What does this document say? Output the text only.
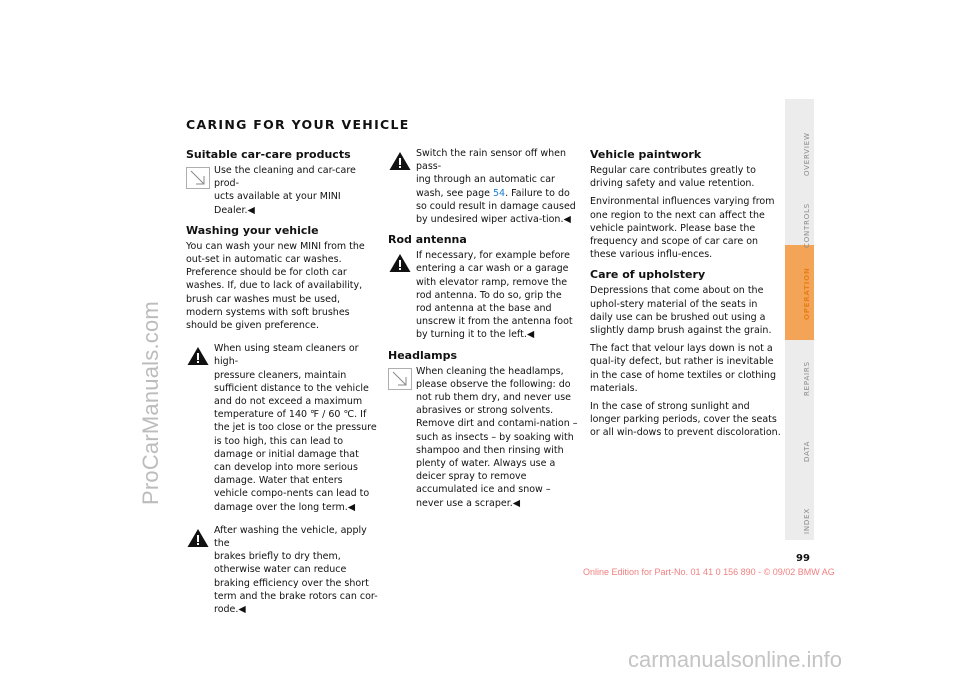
ProCarManuals.com
CARING FOR YOUR VEHICLE
Suitable car-care products
Use the cleaning and car-care prod-
ucts available at your MINI Dealer.◀
Washing your vehicle

You can wash your new MINI from the out-set in automatic car washes. Preference should be for cloth car washes. If, due to lack of availability, brush car washes must be used, modern systems with soft brushes should be given preference.

When using steam cleaners or high-
pressure cleaners, maintain sufficient distance to the vehicle and do not exceed a maximum temperature of 140 ℉ / 60 ℃. If the jet is too close or the pressure is too high, this can lead to damage or initial damage that can develop into more serious damage. Water that enters vehicle compo-nents can lead to damage over the long term.◀
After washing the vehicle, apply the
brakes briefly to dry them, otherwise water can reduce braking efficiency over the short term and the brake rotors can cor-rode.◀
Switch the rain sensor off when pass-
ing through an automatic car wash, see page 54. Failure to do so could result in damage caused by undesired wiper activa-tion.◀
Rod antenna
If necessary, for example before
entering a car wash or a garage with elevator ramp, remove the rod antenna. To do so, grip the rod antenna at the base and unscrew it from the antenna foot by turning it to the left.◀
Headlamps
When cleaning the headlamps,
please observe the following: do not rub them dry, and never use abrasives or strong solvents. Remove dirt and contami-nation – such as insects – by soaking with shampoo and then rinsing with plenty of water. Always use a deicer spray to remove accumulated ice and snow – never use a scraper.◀
Vehicle paintwork

Regular care contributes greatly to driving safety and value retention.

Environmental influences varying from one region to the next can affect the vehicle paintwork. Please base the frequency and scope of car care on these various influ-ences.

Care of upholstery

Depressions that come about on the uphol-stery material of the seats in daily use can be brushed out using a slightly damp brush against the grain.

The fact that velour lays down is not a qual-ity defect, but rather is inevitable in the case of home textiles or clothing materials.

In the case of strong sunlight and longer parking periods, cover the seats or all win-dows to prevent discoloration.

OVERVIEW
CONTROLS
OPERATION
REPAIRS
DATA
INDEX
99
Online Edition for Part-No. 01 41 0 156 890 - © 09/02 BMW AG
carmanualsonline.info
